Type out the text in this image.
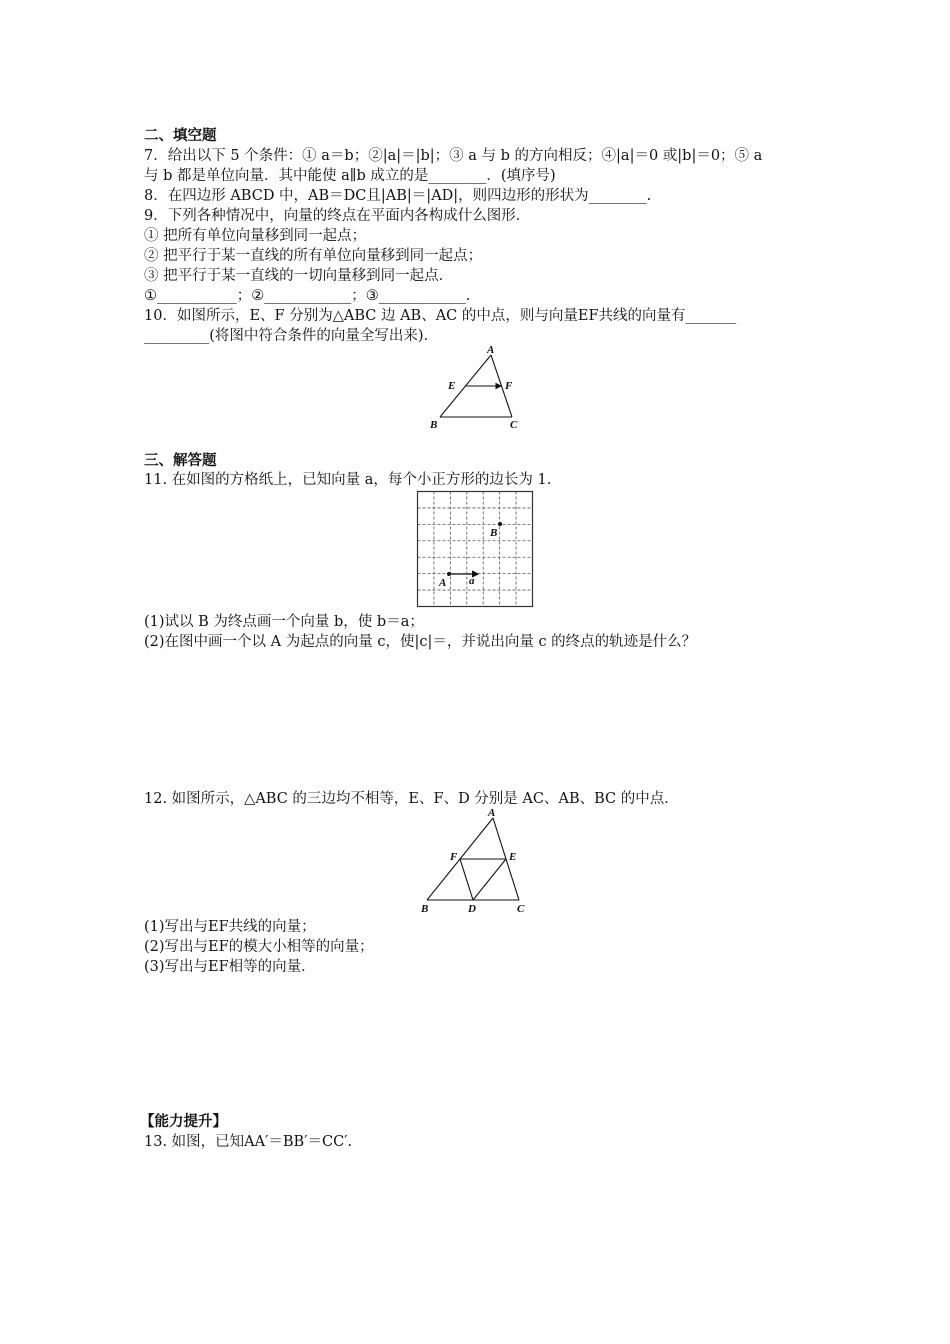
二、填空题
7．给出以下 5 个条件：① a＝b；②|a|＝|b|；③ a 与 b 的方向相反；④|a|＝0 或|b|＝0；⑤ a
与 b 都是单位向量．其中能使 a∥b 成立的是________．(填序号)
8．在四边形 ABCD 中，AB＝DC且|AB|＝|AD|，则四边形的形状为________.
9．下列各种情况中，向量的终点在平面内各构成什么图形．
① 把所有单位向量移到同一起点；
② 把平行于某一直线的所有单位向量移到同一起点；
③ 把平行于某一直线的一切向量移到同一起点．
①___________；②____________；③____________.
10．如图所示，E、F 分别为△ABC 边 AB、AC 的中点，则与向量EF共线的向量有_______
_________(将图中符合条件的向量全写出来)．
A
E	F
B	C
三、解答题
11. 在如图的方格纸上，已知向量 a，每个小正方形的边长为 1.
B
A a
(1)试以 B 为终点画一个向量 b，使 b＝a；
(2)在图中画一个以 A 为起点的向量 c，使|c|＝，并说出向量 c 的终点的轨迹是什么？
12. 如图所示，△ABC 的三边均不相等，E、F、D 分别是 AC、AB、BC 的中点．
A
F	E
B	D	C
(1)写出与EF共线的向量；
(2)写出与EF的模大小相等的向量；
(3)写出与EF相等的向量．
【能力提升】
13. 如图，已知AA′＝BB′＝CC′.
